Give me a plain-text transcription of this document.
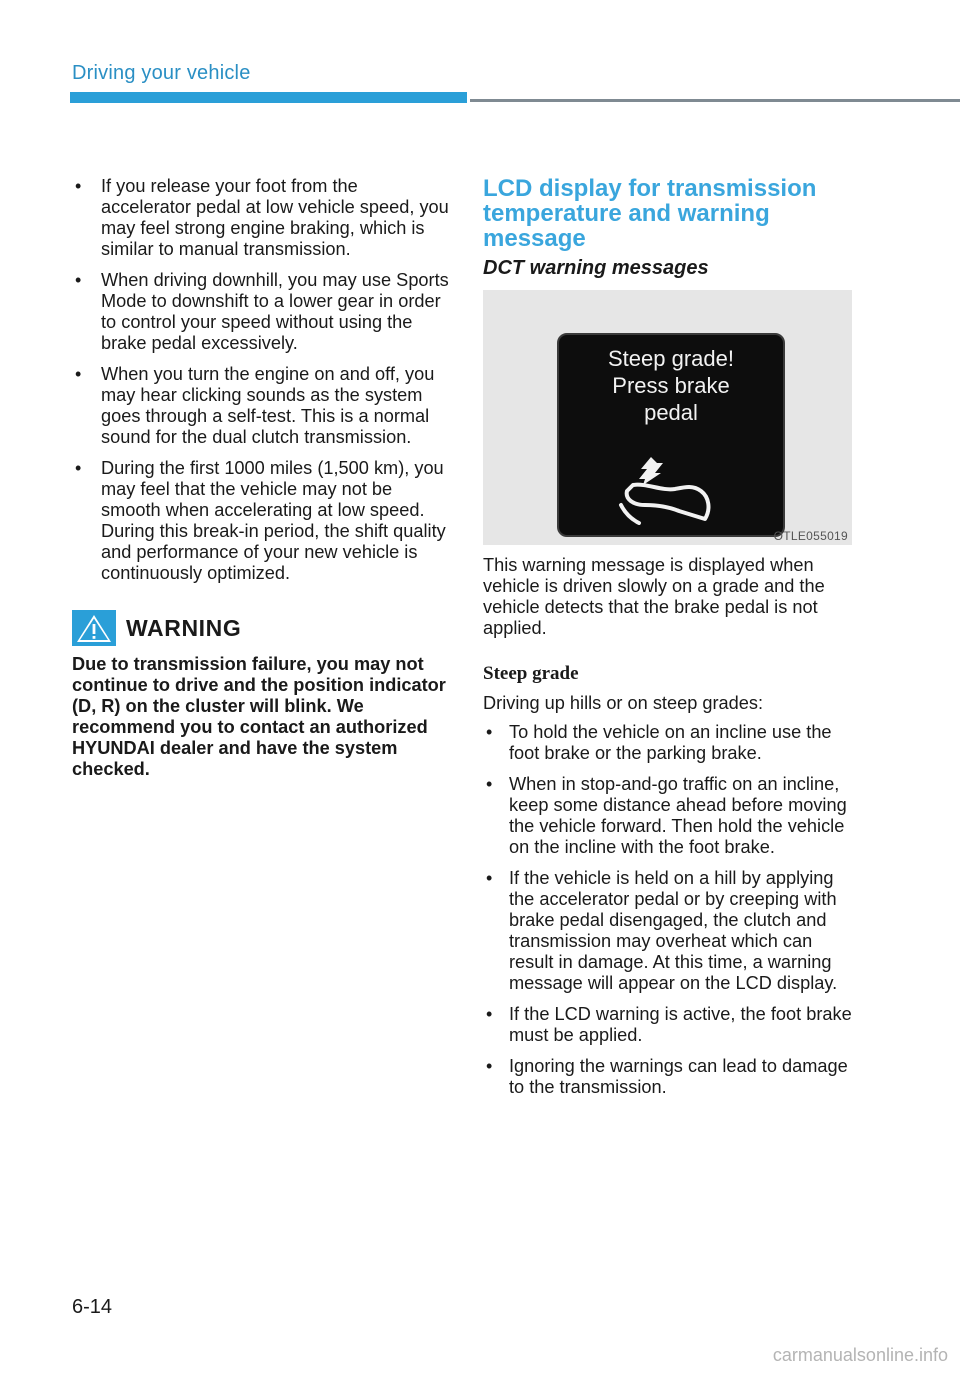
Driving your vehicle
• If you release your foot from the accelerator pedal at low vehicle speed, you may feel strong engine braking, which is similar to manual transmission.
• When driving downhill, you may use Sports Mode to downshift to a lower gear in order to control your speed without using the brake pedal excessively.
• When you turn the engine on and off, you may hear clicking sounds as the system goes through a self-test. This is a normal sound for the dual clutch transmission.
• During the first 1000 miles (1,500 km), you may feel that the vehicle may not be smooth when accelerating at low speed. During this break-in period, the shift quality and performance of your new vehicle is continuously optimized.
WARNING
Due to transmission failure, you may not continue to drive and the position indicator (D, R) on the cluster will blink. We recommend you to contact an authorized HYUNDAI dealer and have the system checked.
LCD display for transmission temperature and warning message
DCT warning messages
Steep grade!
Press brake
pedal
OTLE055019

This warning message is displayed when vehicle is driven slowly on a grade and the vehicle detects that the brake pedal is not applied.

Steep grade
Driving up hills or on steep grades:
• To hold the vehicle on an incline use the foot brake or the parking brake.
• When in stop-and-go traffic on an incline, keep some distance ahead before moving the vehicle forward. Then hold the vehicle on the incline with the foot brake.
• If the vehicle is held on a hill by applying the accelerator pedal or by creeping with brake pedal disengaged, the clutch and transmission may overheat which can result in damage. At this time, a warning message will appear on the LCD display.
• If the LCD warning is active, the foot brake must be applied.
• Ignoring the warnings can lead to damage to the transmission.
6-14
carmanualsonline.info
